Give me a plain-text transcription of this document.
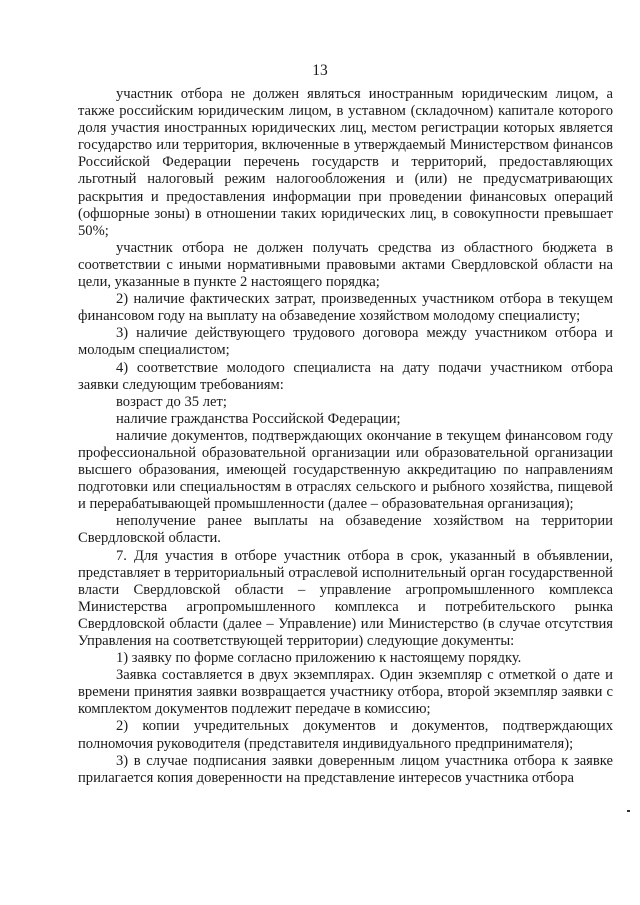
13

участник отбора не должен являться иностранным юридическим лицом, а также российским юридическим лицом, в уставном (складочном) капитале которого доля участия иностранных юридических лиц, местом регистрации которых является государство или территория, включенные в утверждаемый Министерством финансов Российской Федерации перечень государств и территорий, предоставляющих льготный налоговый режим налогообложения и (или) не предусматривающих раскрытия и предоставления информации при проведении финансовых операций (офшорные зоны) в отношении таких юридических лиц, в совокупности превышает 50%;

участник отбора не должен получать средства из областного бюджета в соответствии с иными нормативными правовыми актами Свердловской области на цели, указанные в пункте 2 настоящего порядка;

2) наличие фактических затрат, произведенных участником отбора в текущем финансовом году на выплату на обзаведение хозяйством молодому специалисту;

3) наличие действующего трудового договора между участником отбора и молодым специалистом;

4) соответствие молодого специалиста на дату подачи участником отбора заявки следующим требованиям:

возраст до 35 лет;

наличие гражданства Российской Федерации;

наличие документов, подтверждающих окончание в текущем финансовом году профессиональной образовательной организации или образовательной организации высшего образования, имеющей государственную аккредитацию по направлениям подготовки или специальностям в отраслях сельского и рыбного хозяйства, пищевой и перерабатывающей промышленности (далее – образовательная организация);

неполучение ранее выплаты на обзаведение хозяйством на территории Свердловской области.

7. Для участия в отборе участник отбора в срок, указанный в объявлении, представляет в территориальный отраслевой исполнительный орган государственной власти Свердловской области – управление агропромышленного комплекса Министерства агропромышленного комплекса и потребительского рынка Свердловской области (далее – Управление) или Министерство (в случае отсутствия Управления на соответствующей территории) следующие документы:

1) заявку по форме согласно приложению к настоящему порядку.

Заявка составляется в двух экземплярах. Один экземпляр с отметкой о дате и времени принятия заявки возвращается участнику отбора, второй экземпляр заявки с комплектом документов подлежит передаче в комиссию;

2) копии учредительных документов и документов, подтверждающих полномочия руководителя (представителя индивидуального предпринимателя);

3) в случае подписания заявки доверенным лицом участника отбора к заявке прилагается копия доверенности на представление интересов участника отбора
